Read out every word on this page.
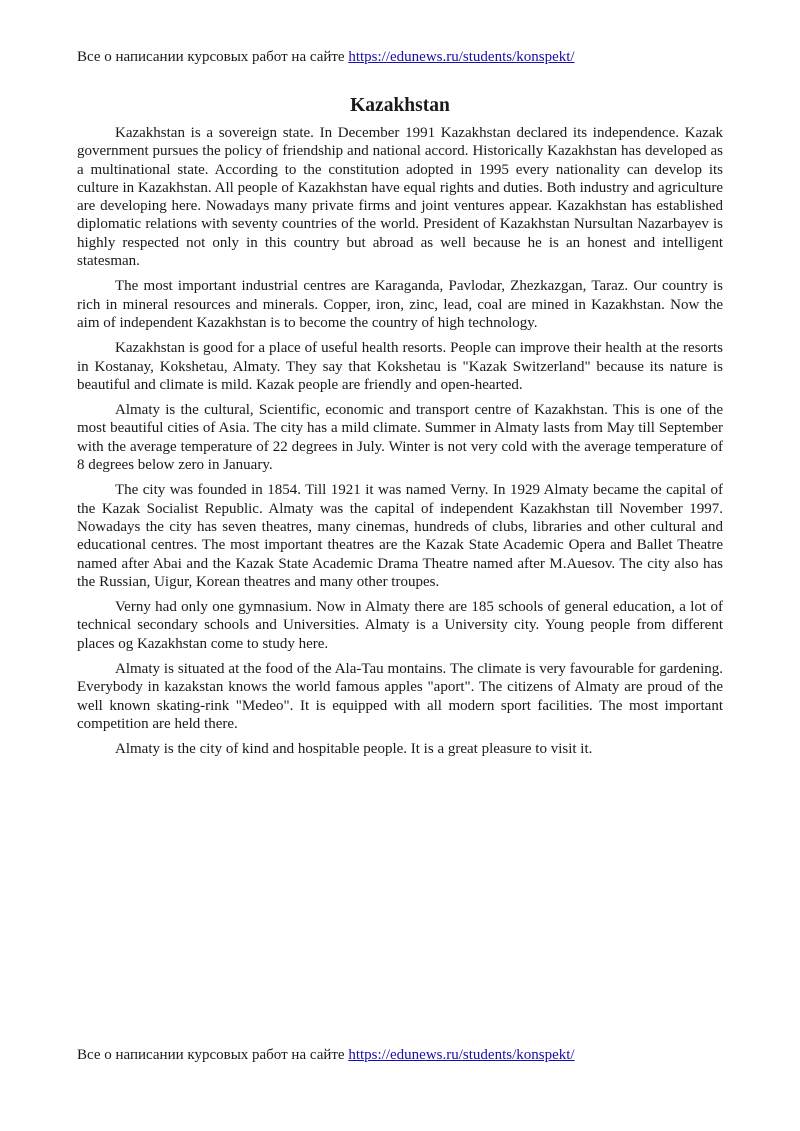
Все о написании курсовых работ на сайте https://edunews.ru/students/konspekt/
Kazakhstan

Kazakhstan is a sovereign state. In December 1991 Kazakhstan declared its independence. Kazak government pursues the policy of friendship and national accord. Historically Kazakhstan has developed as a multinational state. According to the constitution adopted in 1995 every nationality can develop its culture in Kazakhstan. All people of Kazakhstan have equal rights and duties. Both industry and agriculture are developing here. Nowadays many private firms and joint ventures appear. Kazakhstan has established diplomatic relations with seventy countries of the world. President of Kazakhstan Nursultan Nazarbayev is highly respected not only in this country but abroad as well because he is an honest and intelligent statesman.

The most important industrial centres are Karaganda, Pavlodar, Zhezkazgan, Taraz. Our country is rich in mineral resources and minerals. Copper, iron, zinc, lead, coal are mined in Kazakhstan. Now the aim of independent Kazakhstan is to become the country of high technology.

Kazakhstan is good for a place of useful health resorts. People can improve their health at the resorts in Kostanay, Kokshetau, Almaty. They say that Kokshetau is "Kazak Switzerland" because its nature is beautiful and climate is mild. Kazak people are friendly and open-hearted.

Almaty is the cultural, Scientific, economic and transport centre of Kazakhstan. This is one of the most beautiful cities of Asia. The city has a mild climate. Summer in Almaty lasts from May till September with the average temperature of 22 degrees in July. Winter is not very cold with the average temperature of 8 degrees below zero in January.

The city was founded in 1854. Till 1921 it was named Verny. In 1929 Almaty became the capital of the Kazak Socialist Republic. Almaty was the capital of independent Kazakhstan till November 1997. Nowadays the city has seven theatres, many cinemas, hundreds of clubs, libraries and other cultural and educational centres. The most important theatres are the Kazak State Academic Opera and Ballet Theatre named after Abai and the Kazak State Academic Drama Theatre named after M.Auesov. The city also has the Russian, Uigur, Korean theatres and many other troupes.

Verny had only one gymnasium. Now in Almaty there are 185 schools of general education, a lot of technical secondary schools and Universities. Almaty is a University city. Young people from different places og Kazakhstan come to study here.

Almaty is situated at the food of the Ala-Tau montains. The climate is very favourable for gardening. Everybody in kazakstan knows the world famous apples "aport". The citizens of Almaty are proud of the well known skating-rink "Medeo". It is equipped with all modern sport facilities. The most important competition are held there.

Almaty is the city of kind and hospitable people. It is a great pleasure to visit it.

Все о написании курсовых работ на сайте https://edunews.ru/students/konspekt/
